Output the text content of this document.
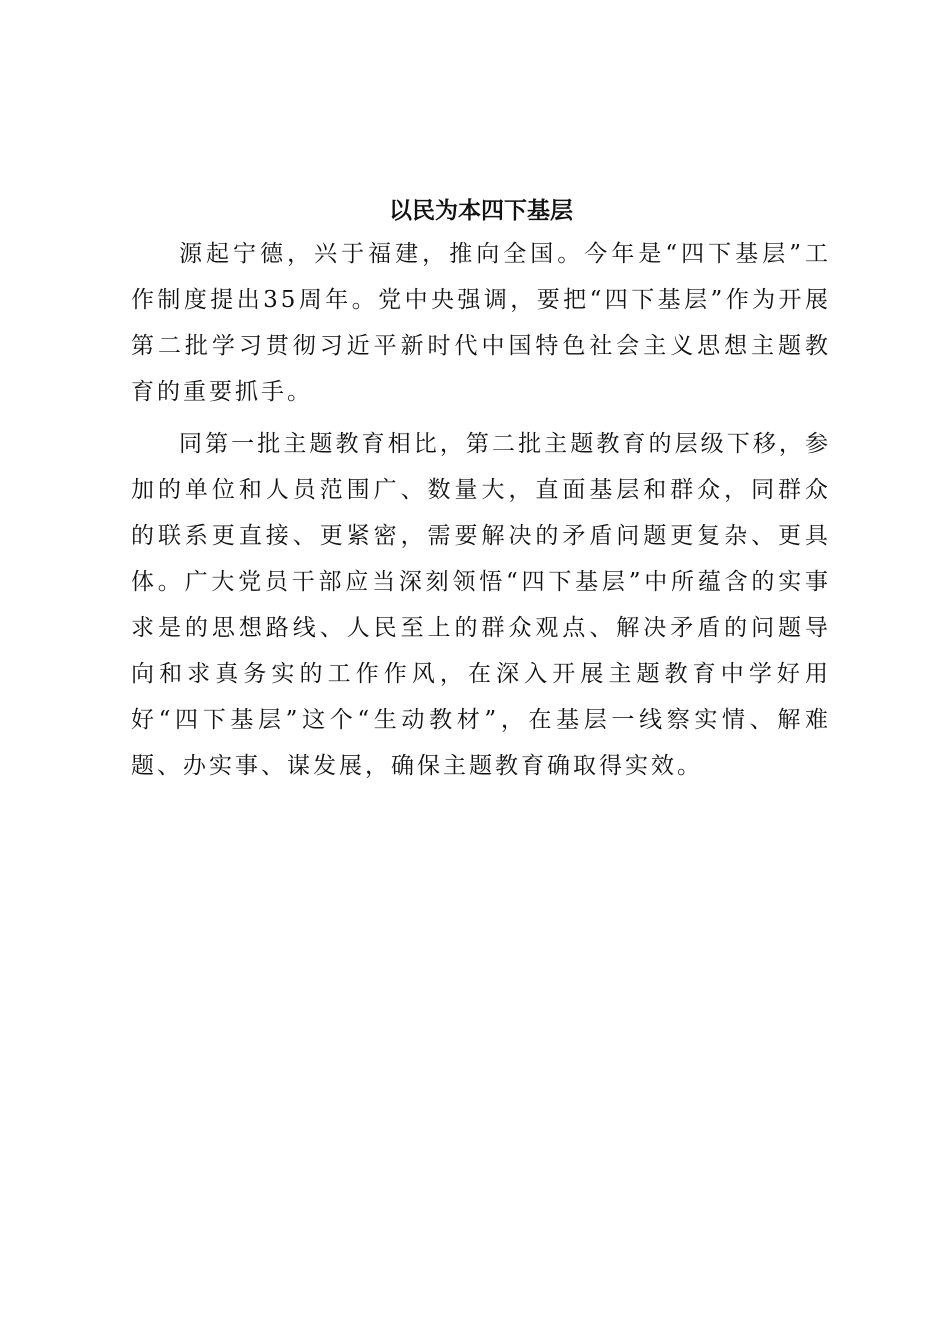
以民为本四下基层

源起宁德，兴于福建，推向全国。今年是“四下基层”工作制度提出35周年。党中央强调，要把“四下基层”作为开展第二批学习贯彻习近平新时代中国特色社会主义思想主题教育的重要抓手。

同第一批主题教育相比，第二批主题教育的层级下移，参加的单位和人员范围广、数量大，直面基层和群众，同群众的联系更直接、更紧密，需要解决的矛盾问题更复杂、更具体。广大党员干部应当深刻领悟“四下基层”中所蕴含的实事求是的思想路线、人民至上的群众观点、解决矛盾的问题导向和求真务实的工作作风，在深入开展主题教育中学好用好“四下基层”这个“生动教材”，在基层一线察实情、解难题、办实事、谋发展，确保主题教育确取得实效。
